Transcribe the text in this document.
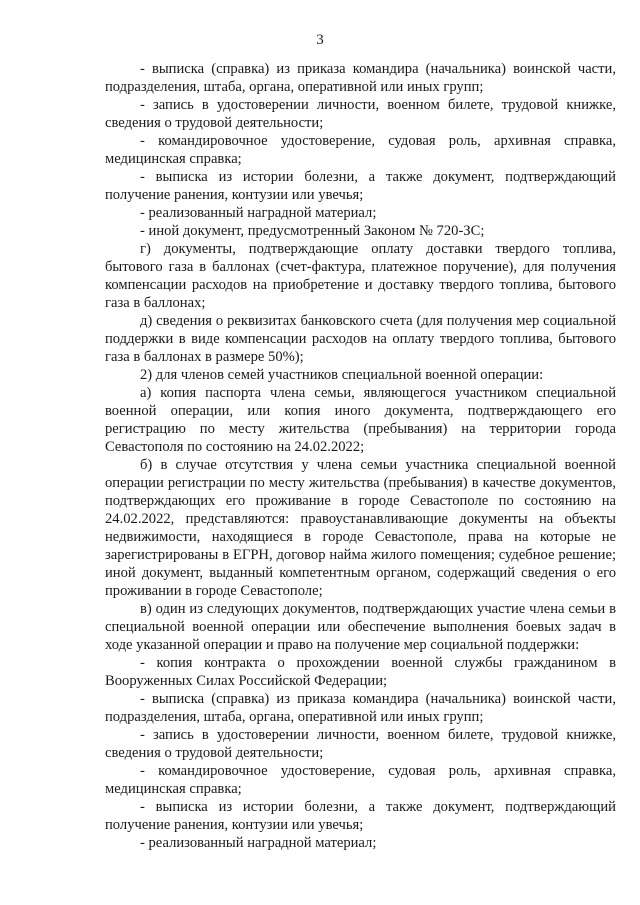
3

- выписка (справка) из приказа командира (начальника) воинской части, подразделения, штаба, органа, оперативной или иных групп;

- запись в удостоверении личности, военном билете, трудовой книжке, сведения о трудовой деятельности;

- командировочное удостоверение, судовая роль, архивная справка, медицинская справка;

- выписка из истории болезни, а также документ, подтверждающий получение ранения, контузии или увечья;

- реализованный наградной материал;

- иной документ, предусмотренный Законом № 720-ЗС;

г) документы, подтверждающие оплату доставки твердого топлива, бытового газа в баллонах (счет-фактура, платежное поручение), для получения компенсации расходов на приобретение и доставку твердого топлива, бытового газа в баллонах;

д) сведения о реквизитах банковского счета (для получения мер социальной поддержки в виде компенсации расходов на оплату твердого топлива, бытового газа в баллонах в размере 50%);

2) для членов семей участников специальной военной операции:

а) копия паспорта члена семьи, являющегося участником специальной военной операции, или копия иного документа, подтверждающего его регистрацию по месту жительства (пребывания) на территории города Севастополя по состоянию на 24.02.2022;

б) в случае отсутствия у члена семьи участника специальной военной операции регистрации по месту жительства (пребывания) в качестве документов, подтверждающих его проживание в городе Севастополе по состоянию на 24.02.2022, представляются: правоустанавливающие документы на объекты недвижимости, находящиеся в городе Севастополе, права на которые не зарегистрированы в ЕГРН, договор найма жилого помещения; судебное решение; иной документ, выданный компетентным органом, содержащий сведения о его проживании в городе Севастополе;

в) один из следующих документов, подтверждающих участие члена семьи в специальной военной операции или обеспечение выполнения боевых задач в ходе указанной операции и право на получение мер социальной поддержки:

- копия контракта о прохождении военной службы гражданином в Вооруженных Силах Российской Федерации;

- выписка (справка) из приказа командира (начальника) воинской части, подразделения, штаба, органа, оперативной или иных групп;

- запись в удостоверении личности, военном билете, трудовой книжке, сведения о трудовой деятельности;

- командировочное удостоверение, судовая роль, архивная справка, медицинская справка;

- выписка из истории болезни, а также документ, подтверждающий получение ранения, контузии или увечья;

- реализованный наградной материал;
